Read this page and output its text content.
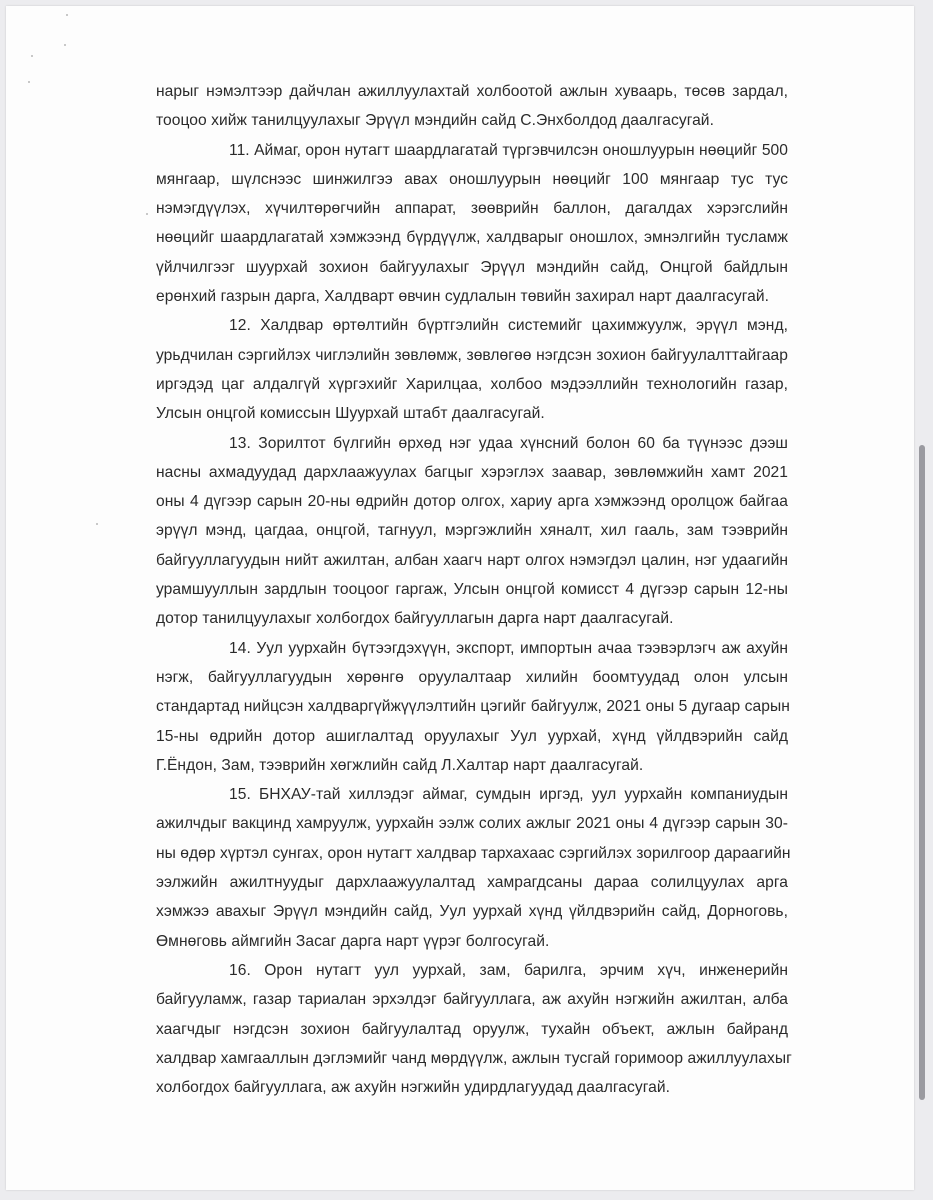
нарыг нэмэлтээр дайчлан ажиллуулахтай холбоотой ажлын хуваарь, төсөв зардал,
тооцоо хийж танилцуулахыг Эрүүл мэндийн сайд С.Энхболдод даалгасугай.

11. Аймаг, орон нутагт шаардлагатай түргэвчилсэн оношлуурын нөөцийг 500
мянгаар, шүлснээс шинжилгээ авах оношлуурын нөөцийг 100 мянгаар тус тус
нэмэгдүүлэх, хүчилтөрөгчийн аппарат, зөөврийн баллон, дагалдах хэрэгслийн
нөөцийг шаардлагатай хэмжээнд бүрдүүлж, халдварыг оношлох, эмнэлгийн тусламж
үйлчилгээг шуурхай зохион байгуулахыг Эрүүл мэндийн сайд, Онцгой байдлын
ерөнхий газрын дарга, Халдварт өвчин судлалын төвийн захирал нарт даалгасугай.

12. Халдвар өртөлтийн бүртгэлийн системийг цахимжуулж, эрүүл мэнд,
урьдчилан сэргийлэх чиглэлийн зөвлөмж, зөвлөгөө нэгдсэн зохион байгуулалттайгаар
иргэдэд цаг алдалгүй хүргэхийг Харилцаа, холбоо мэдээллийн технологийн газар,
Улсын онцгой комиссын Шуурхай штабт даалгасугай.

13. Зорилтот бүлгийн өрхөд нэг удаа хүнсний болон 60 ба түүнээс дээш
насны ахмадуудад дархлаажуулах багцыг хэрэглэх заавар, зөвлөмжийн хамт 2021
оны 4 дүгээр сарын 20-ны өдрийн дотор олгох, хариу арга хэмжээнд оролцож байгаа
эрүүл мэнд, цагдаа, онцгой, тагнуул, мэргэжлийн хяналт, хил гааль, зам тээврийн
байгууллагуудын нийт ажилтан, албан хаагч нарт олгох нэмэгдэл цалин, нэг удаагийн
урамшууллын зардлын тооцоог гаргаж, Улсын онцгой комисст 4 дүгээр сарын 12-ны
дотор танилцуулахыг холбогдох байгууллагын дарга нарт даалгасугай.

14. Уул уурхайн бүтээгдэхүүн, экспорт, импортын ачаа тээвэрлэгч аж ахуйн
нэгж, байгууллагуудын хөрөнгө оруулалтаар хилийн боомтуудад олон улсын
стандартад нийцсэн халдваргүйжүүлэлтийн цэгийг байгуулж, 2021 оны 5 дугаар сарын
15-ны өдрийн дотор ашиглалтад оруулахыг Уул уурхай, хүнд үйлдвэрийн сайд
Г.Ёндон, Зам, тээврийн хөгжлийн сайд Л.Халтар нарт даалгасугай.

15. БНХАУ-тай хиллэдэг аймаг, сумдын иргэд, уул уурхайн компаниудын
ажилчдыг вакцинд хамруулж, уурхайн ээлж солих ажлыг 2021 оны 4 дүгээр сарын 30-
ны өдөр хүртэл сунгах, орон нутагт халдвар тархахаас сэргийлэх зорилгоор дараагийн
ээлжийн ажилтнуудыг дархлаажуулалтад хамрагдсаны дараа солилцуулах арга
хэмжээ авахыг Эрүүл мэндийн сайд, Уул уурхай хүнд үйлдвэрийн сайд, Дорноговь,
Өмнөговь аймгийн Засаг дарга нарт үүрэг болгосугай.

16. Орон нутагт уул уурхай, зам, барилга, эрчим хүч, инженерийн
байгууламж, газар тариалан эрхэлдэг байгууллага, аж ахуйн нэгжийн ажилтан, алба
хаагчдыг нэгдсэн зохион байгуулалтад оруулж, тухайн объект, ажлын байранд
халдвар хамгааллын дэглэмийг чанд мөрдүүлж, ажлын тусгай горимоор ажиллуулахыг
холбогдох байгууллага, аж ахуйн нэгжийн удирдлагуудад даалгасугай.
